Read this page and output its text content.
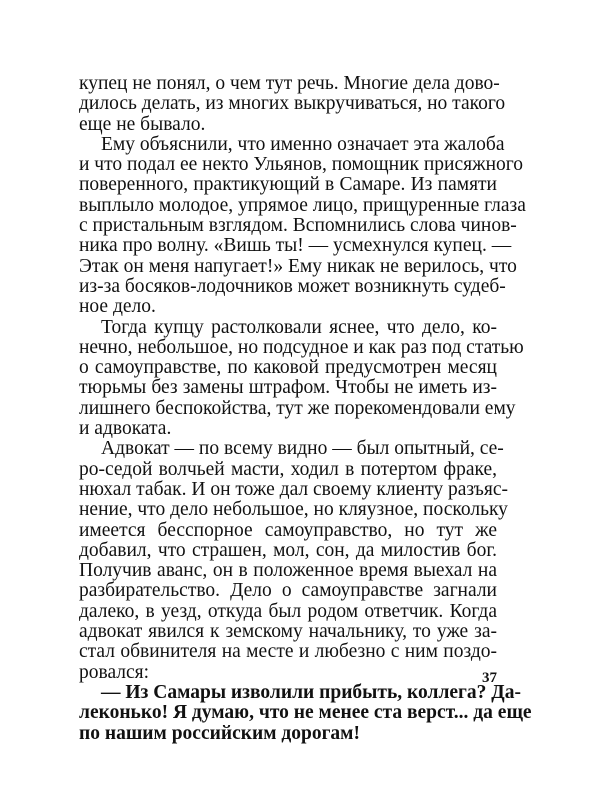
купец не понял, о чем тут речь. Многие дела дово-
дилось делать, из многих выкручиваться, но такого
еще не бывало.
Ему объяснили, что именно означает эта жалоба
и что подал ее некто Ульянов, помощник присяжного
поверенного, практикующий в Самаре. Из памяти
выплыло молодое, упрямое лицо, прищуренные глаза
с пристальным взглядом. Вспомнились слова чинов-
ника про волну. «Вишь ты! — усмехнулся купец. —
Этак он меня напугает!» Ему никак не верилось, что
из-за босяков-лодочников может возникнуть судеб-
ное дело.
Тогда купцу растолковали яснее, что дело, ко-
нечно, небольшое, но подсудное и как раз под статью
о самоуправстве, по каковой предусмотрен месяц
тюрьмы без замены штрафом. Чтобы не иметь из-
лишнего беспокойства, тут же порекомендовали ему
и адвоката.
Адвокат — по всему видно — был опытный, се-
ро-седой волчьей масти, ходил в потертом фраке,
нюхал табак. И он тоже дал своему клиенту разъяс-
нение, что дело небольшое, но кляузное, поскольку
имеется бесспорное самоуправство, но тут же
добавил, что страшен, мол, сон, да милостив бог.
Получив аванс, он в положенное время выехал на
разбирательство. Дело о самоуправстве загнали
далеко, в уезд, откуда был родом ответчик. Когда
адвокат явился к земскому начальнику, то уже за-
стал обвинителя на месте и любезно с ним поздо-
ровался:
— Из Самары изволили прибыть, коллега? Да-
леконько! Я думаю, что не менее ста верст... да еще
по нашим российским дорогам!
37
